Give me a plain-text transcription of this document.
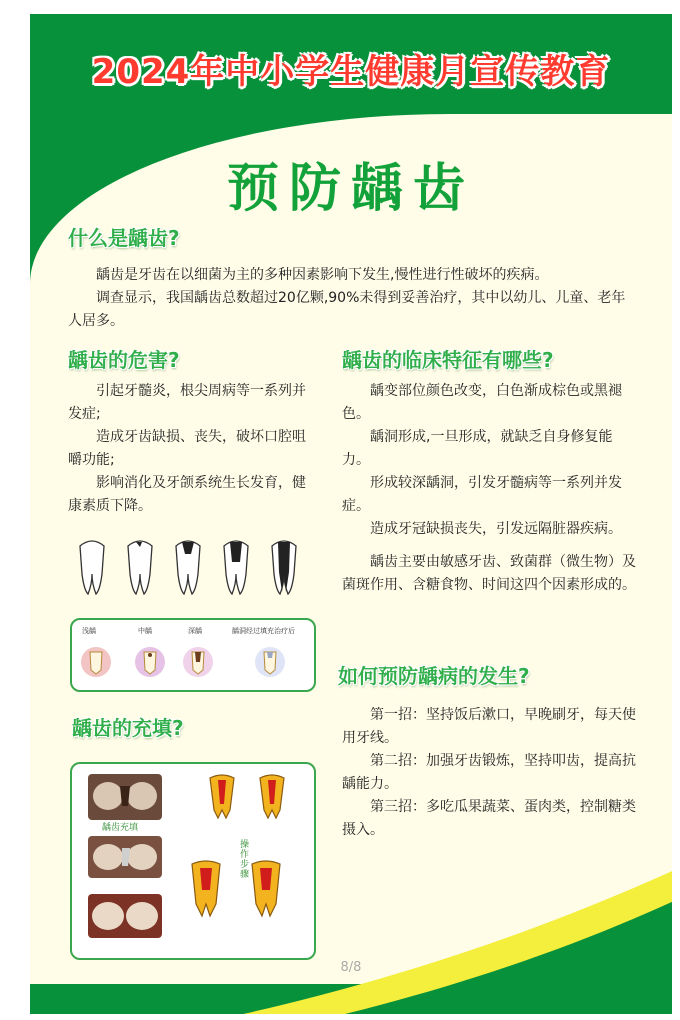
2024年中小学生健康月宣传教育
预防龋齿
什么是龋齿?

龋齿是牙齿在以细菌为主的多种因素影响下发生,慢性进行性破坏的疾病。

调查显示，我国龋齿总数超过20亿颗,90%未得到妥善治疗，其中以幼儿、儿童、老年人居多。

龋齿的危害?

引起牙髓炎，根尖周病等一系列并发症;

造成牙齿缺损、丧失，破坏口腔咀嚼功能;

影响消化及牙颌系统生长发育，健康素质下降。

浅龋	中龋	深龋	龋洞经过填充治疗后
龋齿的临床特征有哪些?

龋变部位颜色改变，白色渐成棕色或黑褪色。

龋洞形成,一旦形成，就缺乏自身修复能力。

形成较深龋洞，引发牙髓病等一系列并发症。

造成牙冠缺损丧失，引发远隔脏器疾病。

龋齿主要由敏感牙齿、致菌群（微生物）及菌斑作用、含糖食物、时间这四个因素形成的。

龋齿的充填?
龋齿充填
操作步骤
如何预防龋病的发生?

第一招：坚持饭后漱口，早晚刷牙，每天使用牙线。

第二招：加强牙齿锻炼，坚持叩齿，提高抗龋能力。

第三招：多吃瓜果蔬菜、蛋肉类，控制糖类摄入。

8/8
